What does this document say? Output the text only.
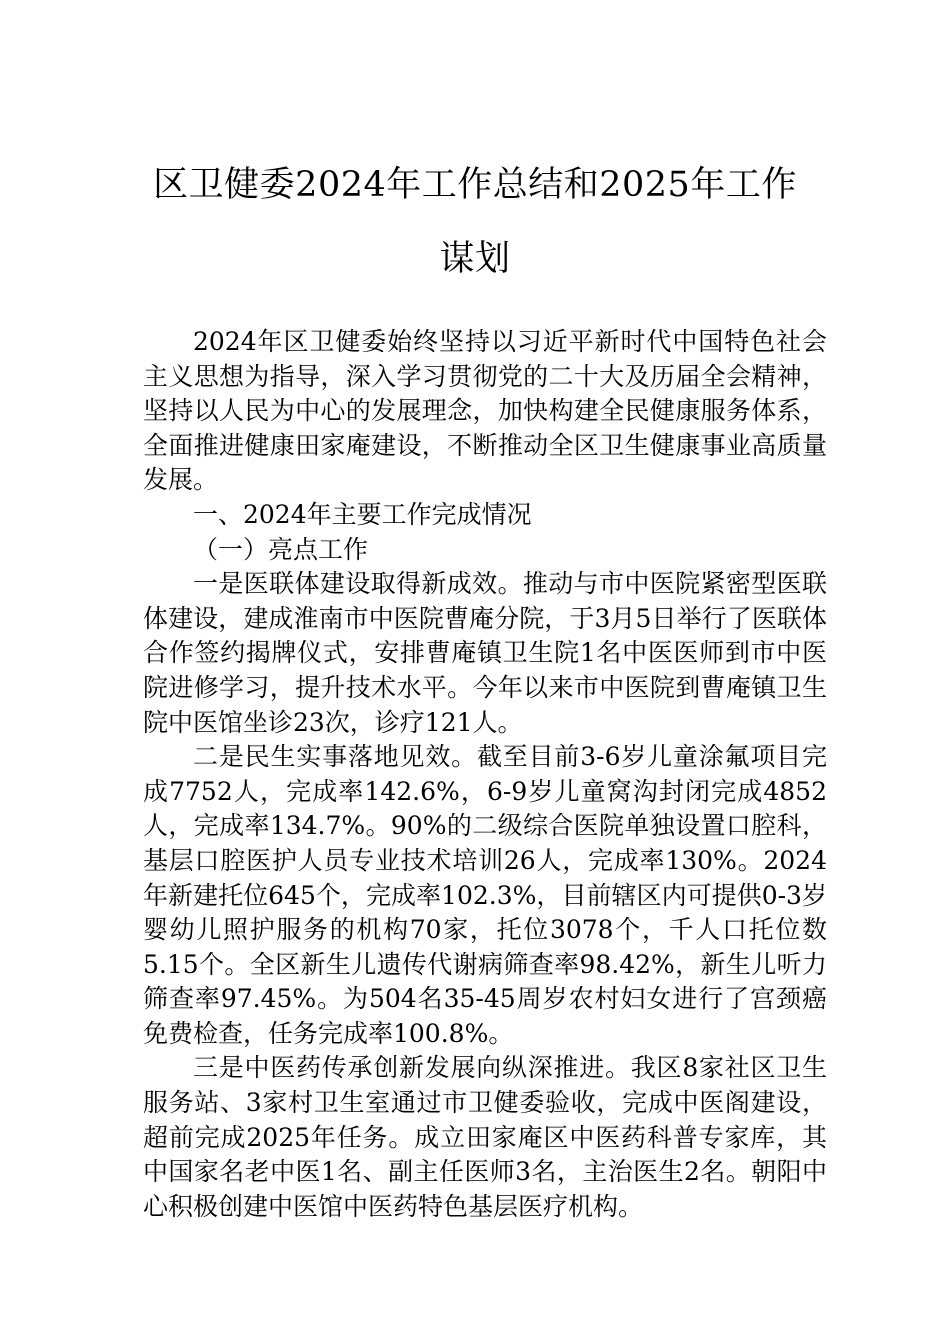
区卫健委2024年工作总结和2025年工作谋划

2024年区卫健委始终坚持以习近平新时代中国特色社会主义思想为指导，深入学习贯彻党的二十大及历届全会精神，坚持以人民为中心的发展理念，加快构建全民健康服务体系，全面推进健康田家庵建设，不断推动全区卫生健康事业高质量发展。

一、2024年主要工作完成情况

（一）亮点工作

一是医联体建设取得新成效。推动与市中医院紧密型医联体建设，建成淮南市中医院曹庵分院，于3月5日举行了医联体合作签约揭牌仪式，安排曹庵镇卫生院1名中医医师到市中医院进修学习，提升技术水平。今年以来市中医院到曹庵镇卫生院中医馆坐诊23次，诊疗121人。

二是民生实事落地见效。截至目前3-6岁儿童涂氟项目完成7752人，完成率142.6%，6-9岁儿童窝沟封闭完成4852人，完成率134.7%。90%的二级综合医院单独设置口腔科，基层口腔医护人员专业技术培训26人，完成率130%。2024年新建托位645个，完成率102.3%，目前辖区内可提供0-3岁婴幼儿照护服务的机构70家，托位3078个，千人口托位数5.15个。全区新生儿遗传代谢病筛查率98.42%，新生儿听力筛查率97.45%。为504名35-45周岁农村妇女进行了宫颈癌免费检查，任务完成率100.8%。

三是中医药传承创新发展向纵深推进。我区8家社区卫生服务站、3家村卫生室通过市卫健委验收，完成中医阁建设，超前完成2025年任务。成立田家庵区中医药科普专家库，其中国家名老中医1名、副主任医师3名，主治医生2名。朝阳中心积极创建中医馆中医药特色基层医疗机构。
